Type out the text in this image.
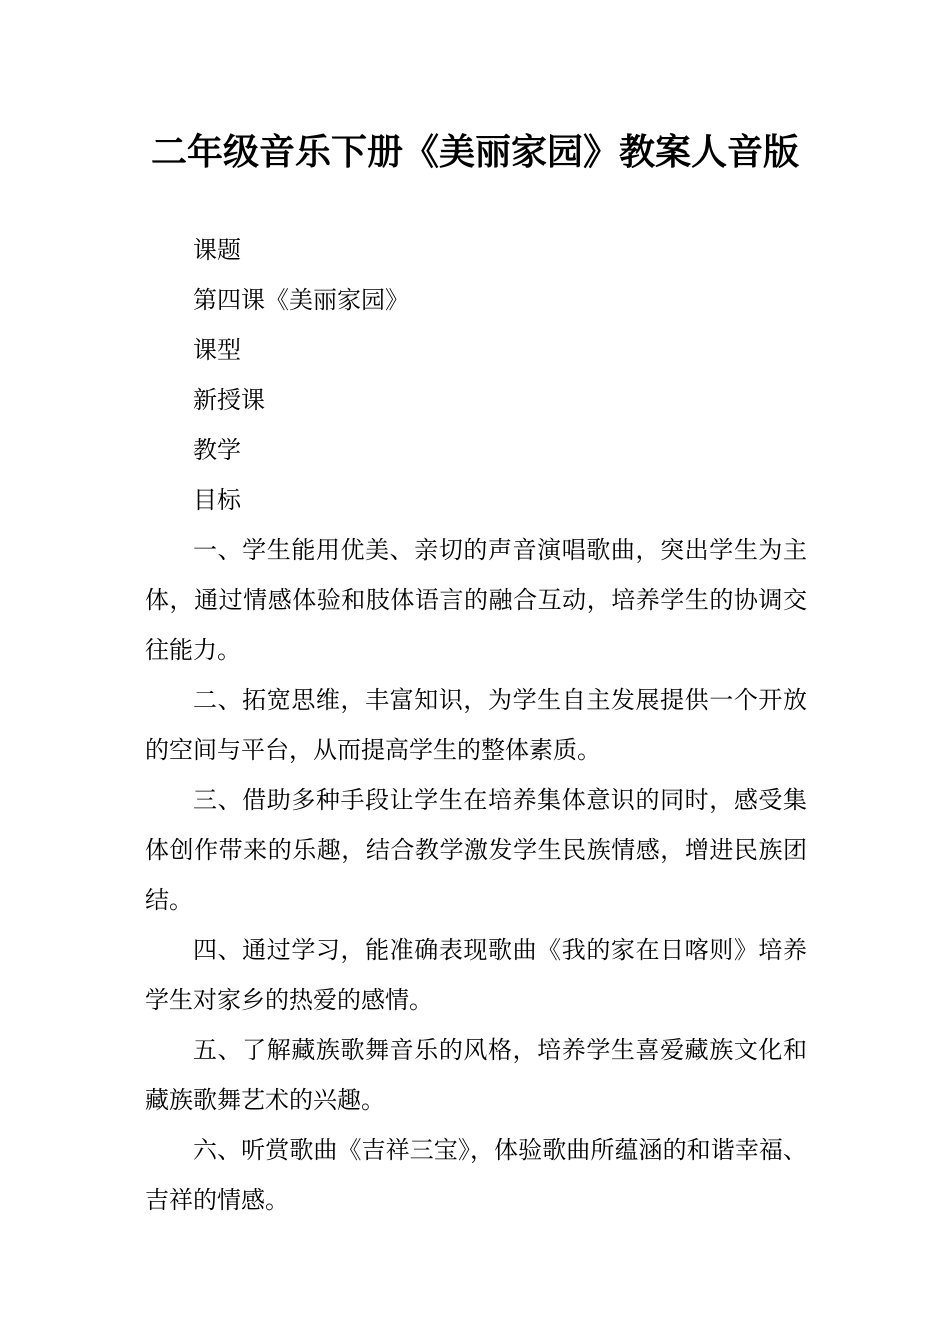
二年级音乐下册《美丽家园》教案人音版

课题

第四课《美丽家园》

课型

新授课

教学

目标

一、学生能用优美、亲切的声音演唱歌曲，突出学生为主体，通过情感体验和肢体语言的融合互动，培养学生的协调交往能力。

二、拓宽思维，丰富知识，为学生自主发展提供一个开放的空间与平台，从而提高学生的整体素质。

三、借助多种手段让学生在培养集体意识的同时，感受集体创作带来的乐趣，结合教学激发学生民族情感，增进民族团结。

四、通过学习，能准确表现歌曲《我的家在日喀则》培养学生对家乡的热爱的感情。

五、了解藏族歌舞音乐的风格，培养学生喜爱藏族文化和藏族歌舞艺术的兴趣。

六、听赏歌曲《吉祥三宝》，体验歌曲所蕴涵的和谐幸福、吉祥的情感。
